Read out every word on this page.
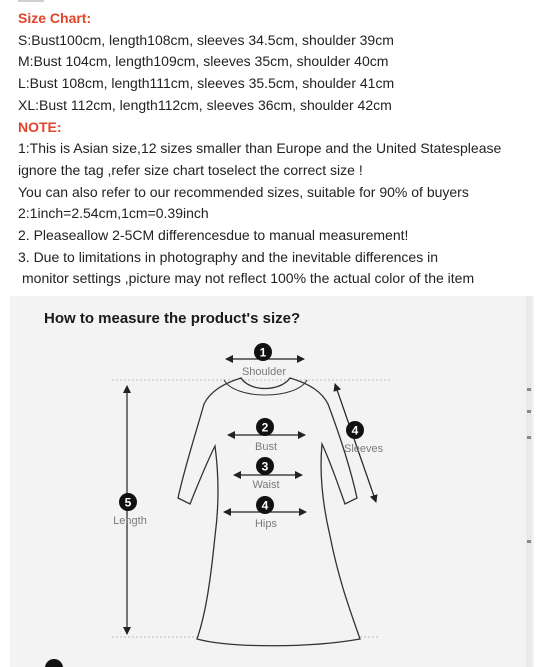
Size Chart:
S:Bust100cm, length108cm, sleeves 34.5cm, shoulder 39cm
M:Bust 104cm, length109cm, sleeves 35cm, shoulder 40cm
L:Bust 108cm, length111cm, sleeves 35.5cm, shoulder 41cm
XL:Bust 112cm, length112cm, sleeves 36cm, shoulder 42cm
NOTE:
1:This is Asian size,12 sizes smaller than Europe and the United Statesplease
ignore the tag ,refer size chart toselect the correct size !
You can also refer to our recommended sizes, suitable for 90% of buyers
2:1inch=2.54cm,1cm=0.39inch
2. Pleaseallow 2-5CM differencesdue to manual measurement!
3. Due to limitations in photography and the inevitable differences in
monitor settings ,picture may not reflect 100% the actual color of the item
How to measure the product's size?
1
Shoulder
2
Bust
3
Waist
4
Hips
4
Sleeves
5
Length
